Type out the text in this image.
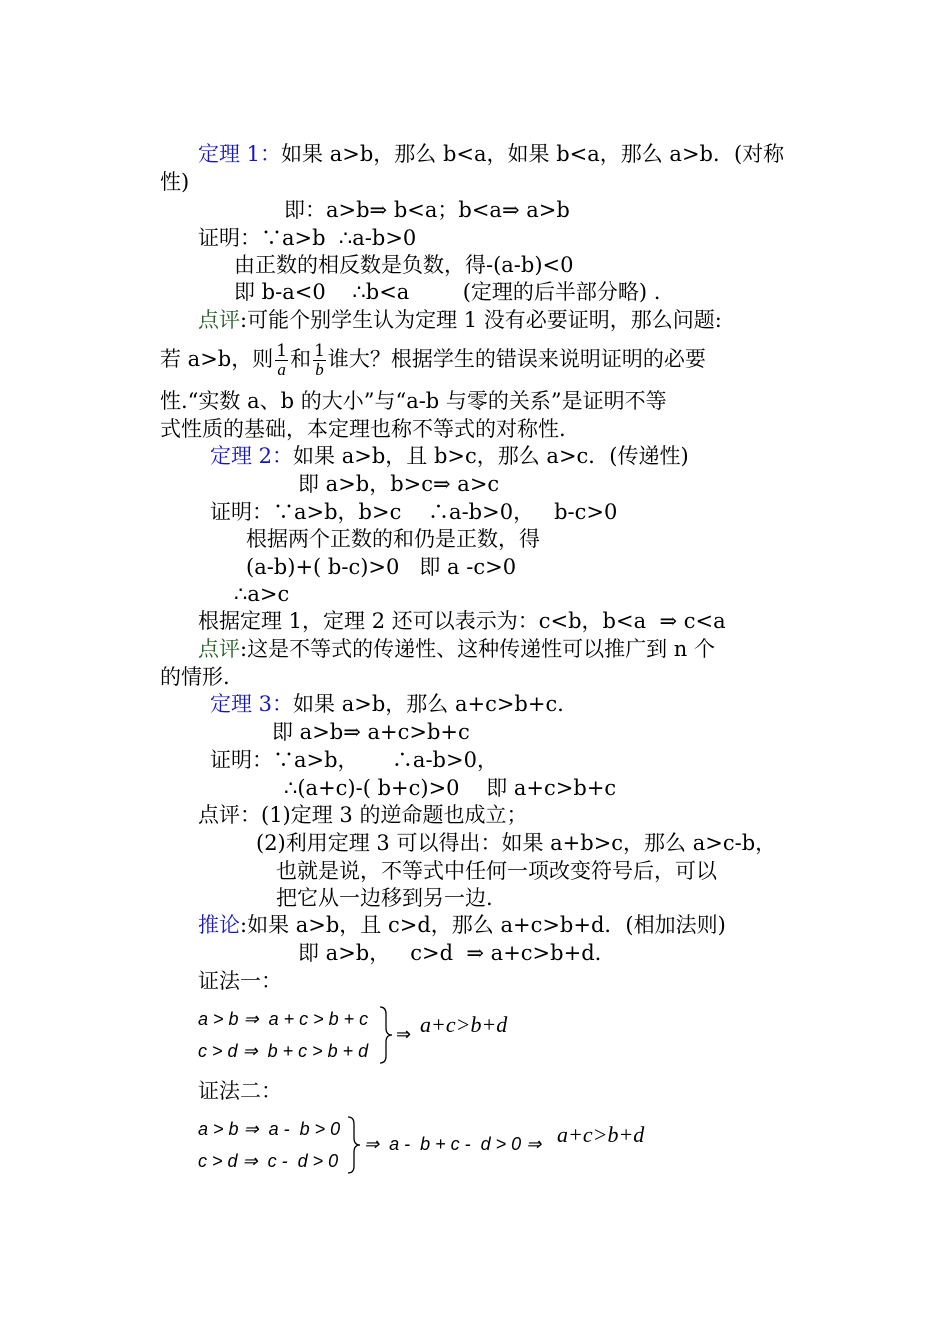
定理 1：如果 a>b，那么 b<a，如果 b<a，那么 a>b．(对称
性)
即：a>b⇒ b<a；b<a⇒ a>b
证明：∵a>b  ∴a-b>0
由正数的相反数是负数，得-(a-b)<0
即 b-a<0    ∴b<a        (定理的后半部分略) .
点评:可能个别学生认为定理 1 没有必要证明，那么问题:
若 a>b，则 $\frac{1}{a}$ 和 $\frac{1}{b}$ 谁大？根据学生的错误来说明证明的必要
性.“实数 a、b 的大小”与“a-b 与零的关系”是证明不等
式性质的基础，本定理也称不等式的对称性.
定理 2：如果 a>b，且 b>c，那么 a>c．(传递性)
即 a>b，b>c⇒ a>c
证明：∵a>b，b>c    ∴a-b>0，   b-c>0
根据两个正数的和仍是正数，得
(a-b)+( b-c)>0   即 a -c>0
∴a>c
根据定理 1，定理 2 还可以表示为：c<b，b<a  ⇒ c<a
点评:这是不等式的传递性、这种传递性可以推广到 n 个
的情形.
定理 3：如果 a>b，那么 a+c>b+c．
即 a>b⇒ a+c>b+c
证明：∵a>b，     ∴a-b>0，
∴(a+c)-( b+c)>0    即 a+c>b+c
点评：(1)定理 3 的逆命题也成立；
(2)利用定理 3 可以得出：如果 a+b>c，那么 a>c-b，
也就是说，不等式中任何一项改变符号后，可以
把它从一边移到另一边.
推论:如果 a>b，且 c>d，那么 a+c>b+d．(相加法则)
即 a>b，   c>d  ⇒ a+c>b+d.
证法一：
a > b ⇒  a + c > b + c
c > d ⇒  b + c > b + d
⇒ a+c>b+d
证法二：
a > b ⇒  a -  b > 0
c > d ⇒  c -  d > 0
⇒  a -  b + c -  d > 0 ⇒ a+c>b+d
